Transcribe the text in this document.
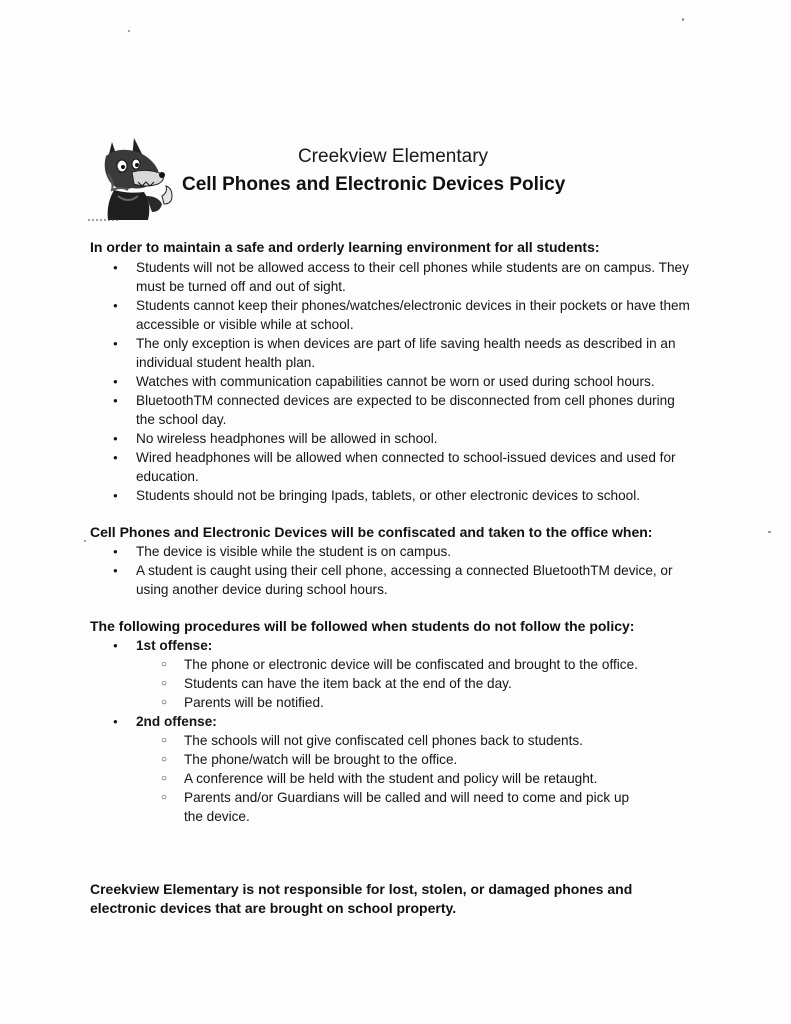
Creekview Elementary
Cell Phones and Electronic Devices Policy
In order to maintain a safe and orderly learning environment for all students:
● Students will not be allowed access to their cell phones while students are on campus. They must be turned off and out of sight.
● Students cannot keep their phones/watches/electronic devices in their pockets or have them accessible or visible while at school.
● The only exception is when devices are part of life saving health needs as described in an individual student health plan.
● Watches with communication capabilities cannot be worn or used during school hours.
● BluetoothTM connected devices are expected to be disconnected from cell phones during the school day.
● No wireless headphones will be allowed in school.
● Wired headphones will be allowed when connected to school-issued devices and used for education.
● Students should not be bringing Ipads, tablets, or other electronic devices to school.
Cell Phones and Electronic Devices will be confiscated and taken to the office when:
● The device is visible while the student is on campus.
● A student is caught using their cell phone, accessing a connected BluetoothTM device, or using another device during school hours.
The following procedures will be followed when students do not follow the policy:
● 1st offense:
○ The phone or electronic device will be confiscated and brought to the office.
○ Students can have the item back at the end of the day.
○ Parents will be notified.
● 2nd offense:
○ The schools will not give confiscated cell phones back to students.
○ The phone/watch will be brought to the office.
○ A conference will be held with the student and policy will be retaught.
○ Parents and/or Guardians will be called and will need to come and pick up the device.
Creekview Elementary is not responsible for lost, stolen, or damaged phones and electronic devices that are brought on school property.
